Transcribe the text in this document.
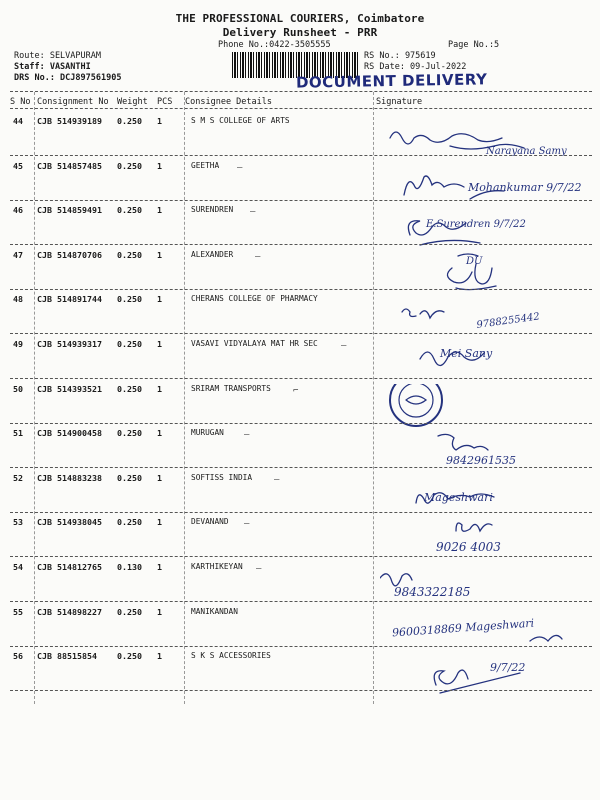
THE PROFESSIONAL COURIERS, Coimbatore
Delivery Runsheet - PRR
Phone No.:0422-3505555	Page No.:5
Route: SELVAPURAM
Staff: VASANTHI
DRS No.: DCJ897561905
RS No.: 975619
RS Date: 09-Jul-2022
DOCUMENT DELIVERY
S No Consignment No Weight PCS Consignee Details	Signature
44 CJB 514939189 0.250 1	S M S COLLEGE OF ARTS
Narayana Samy
45 CJB 514857485 0.250 1	GEETHA —
Mohankumar 9/7/22
46 CJB 514859491 0.250 1	SURENDREN —
E.Surendren 9/7/22
47 CJB 514870706 0.250 1	ALEXANDER —	DU
48 CJB 514891744 0.250 1	CHERANS COLLEGE OF PHARMACY
9788255442
49 CJB 514939317 0.250 1	VASAVI VIDYALAYA MAT HR SEC	—
Mei Sany
50 CJB 514393521 0.250 1	SRIRAM TRANSPORTS ⌐
51 CJB 514900458 0.250 1	MURUGAN —
9842961535
52 CJB 514883238 0.250 1	SOFTISS INDIA —
Mageshwari
53 CJB 514938045 0.250 1	DEVANAND —
9026 4003
54 CJB 514812765 0.130 1	KARTHIKEYAN —
9843322185
55 CJB 514898227 0.250 1	MANIKANDAN
9600318869 Mageshwari
56 CJB 88515854 0.250 1	S K S ACCESSORIES
9/7/22
